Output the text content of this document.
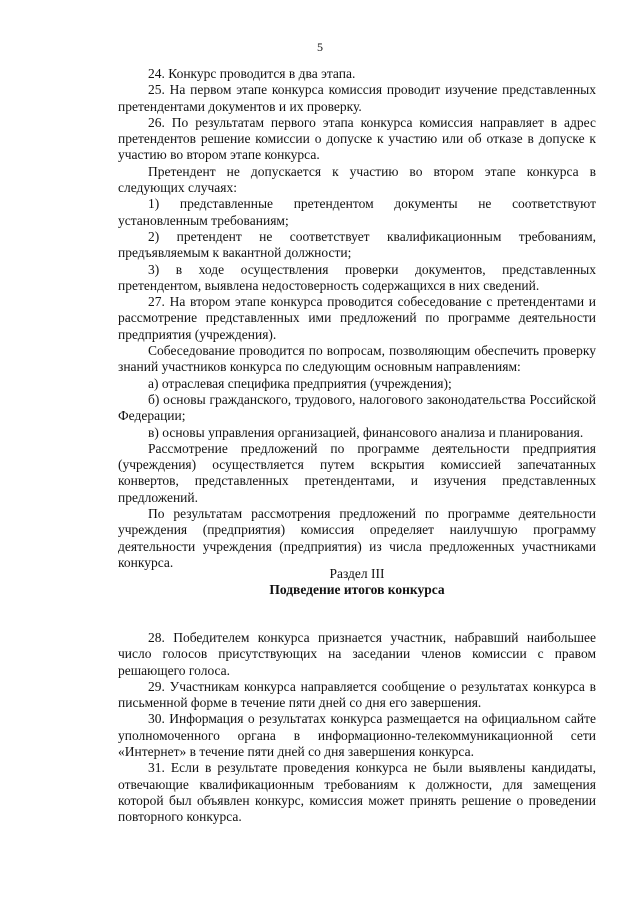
5

24. Конкурс проводится в два этапа.

25. На первом этапе конкурса комиссия проводит изучение представленных претендентами документов и их проверку.

26. По результатам первого этапа конкурса комиссия направляет в адрес претендентов решение комиссии о допуске к участию или об отказе в допуске к участию во втором этапе конкурса.

Претендент не допускается к участию во втором этапе конкурса в следующих случаях:

1) представленные претендентом документы не соответствуют установленным требованиям;

2) претендент не соответствует квалификационным требованиям, предъявляемым к вакантной должности;

3) в ходе осуществления проверки документов, представленных претендентом, выявлена недостоверность содержащихся в них сведений.

27. На втором этапе конкурса проводится собеседование с претендентами и рассмотрение представленных ими предложений по программе деятельности предприятия (учреждения).

Собеседование проводится по вопросам, позволяющим обеспечить проверку знаний участников конкурса по следующим основным направлениям:

а) отраслевая специфика предприятия (учреждения);

б) основы гражданского, трудового, налогового законодательства Российской Федерации;

в) основы управления организацией, финансового анализа и планирования.

Рассмотрение предложений по программе деятельности предприятия (учреждения) осуществляется путем вскрытия комиссией запечатанных конвертов, представленных претендентами, и изучения представленных предложений.

По результатам рассмотрения предложений по программе деятельности учреждения (предприятия) комиссия определяет наилучшую программу деятельности учреждения (предприятия) из числа предложенных участниками конкурса.

Раздел III

Подведение итогов конкурса

28. Победителем конкурса признается участник, набравший наибольшее число голосов присутствующих на заседании членов комиссии с правом решающего голоса.

29. Участникам конкурса направляется сообщение о результатах конкурса в письменной форме в течение пяти дней со дня его завершения.

30. Информация о результатах конкурса размещается на официальном сайте уполномоченного органа в информационно-телекоммуникационной сети «Интернет» в течение пяти дней со дня завершения конкурса.

31. Если в результате проведения конкурса не были выявлены кандидаты, отвечающие квалификационным требованиям к должности, для замещения которой был объявлен конкурс, комиссия может принять решение о проведении повторного конкурса.
